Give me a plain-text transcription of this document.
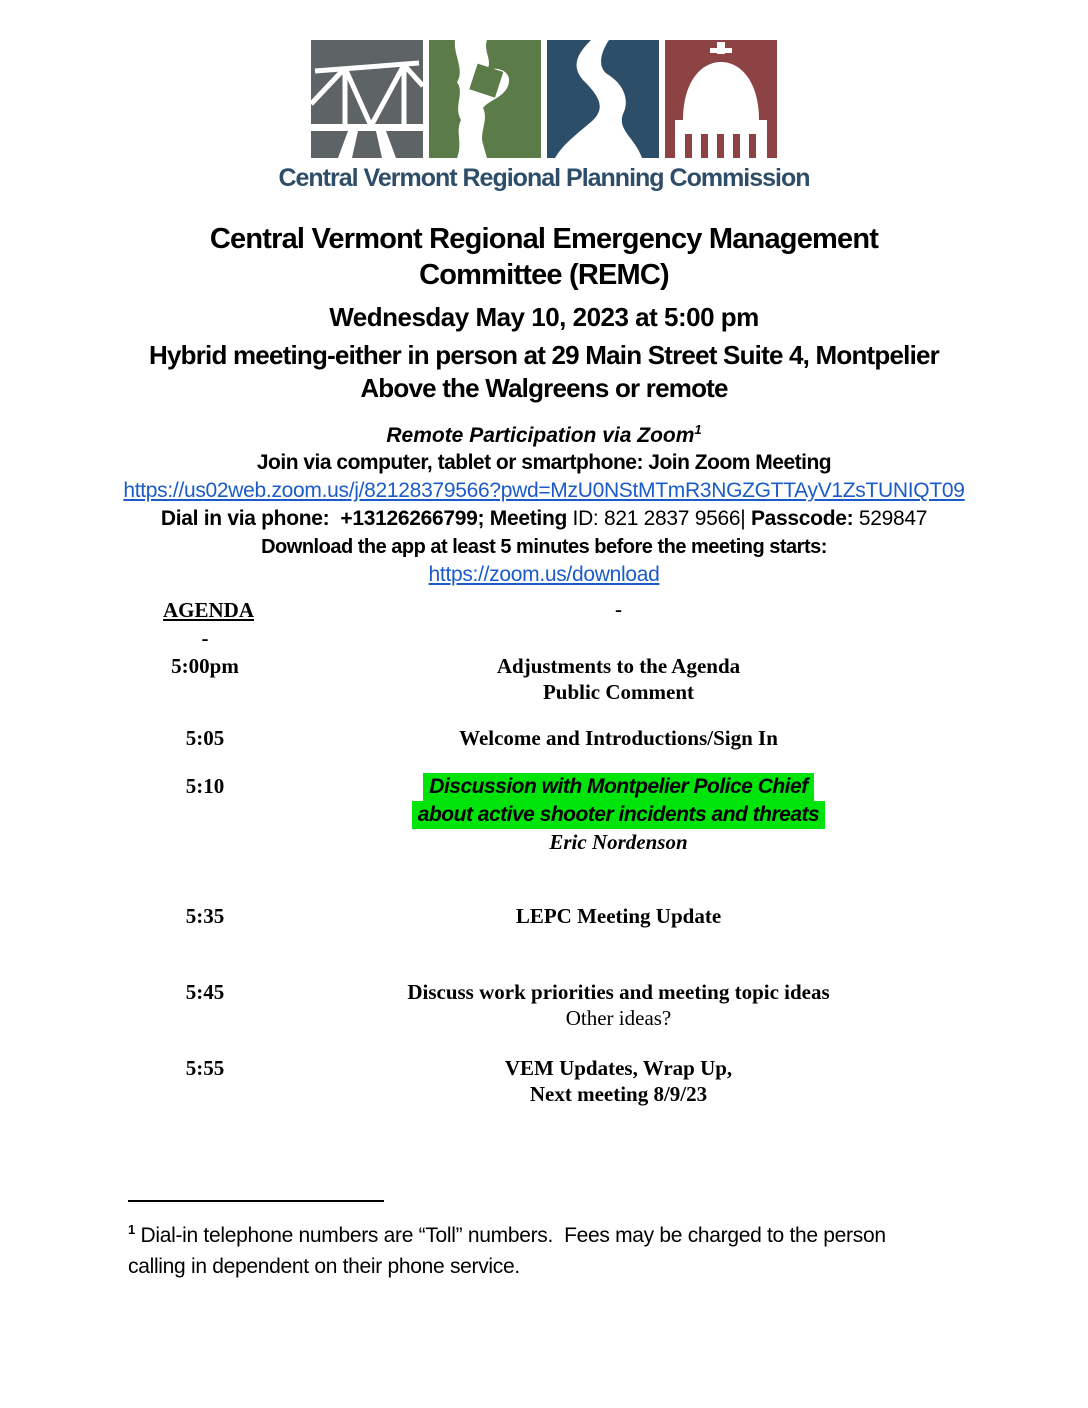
Central Vermont Regional Planning Commission
Central Vermont Regional Emergency Management
Committee (REMC)
Wednesday May 10, 2023 at 5:00 pm
Hybrid meeting-either in person at 29 Main Street Suite 4, Montpelier
Above the Walgreens or remote
Remote Participation via Zoom$^1$
Join via computer, tablet or smartphone: Join Zoom Meeting
https://us02web.zoom.us/j/82128379566?pwd=MzU0NStMTmR3NGZGTTAyV1ZsTUNIQT09
Dial in via phone:  +13126266799; Meeting ID: 821 2837 9566| Passcode: 529847
Download the app at least 5 minutes before the meeting starts:
https://zoom.us/download
AGENDA	-
-
5:00pm	Adjustments to the Agenda
Public Comment
5:05	Welcome and Introductions/Sign In
5:10	Discussion with Montpelier Police Chief
about active shooter incidents and threats
Eric Nordenson
5:35	LEPC Meeting Update
5:45	Discuss work priorities and meeting topic ideas
Other ideas?
5:55	VEM Updates, Wrap Up,
Next meeting 8/9/23
$^1$ Dial-in telephone numbers are “Toll” numbers.  Fees may be charged to the person
calling in dependent on their phone service.
